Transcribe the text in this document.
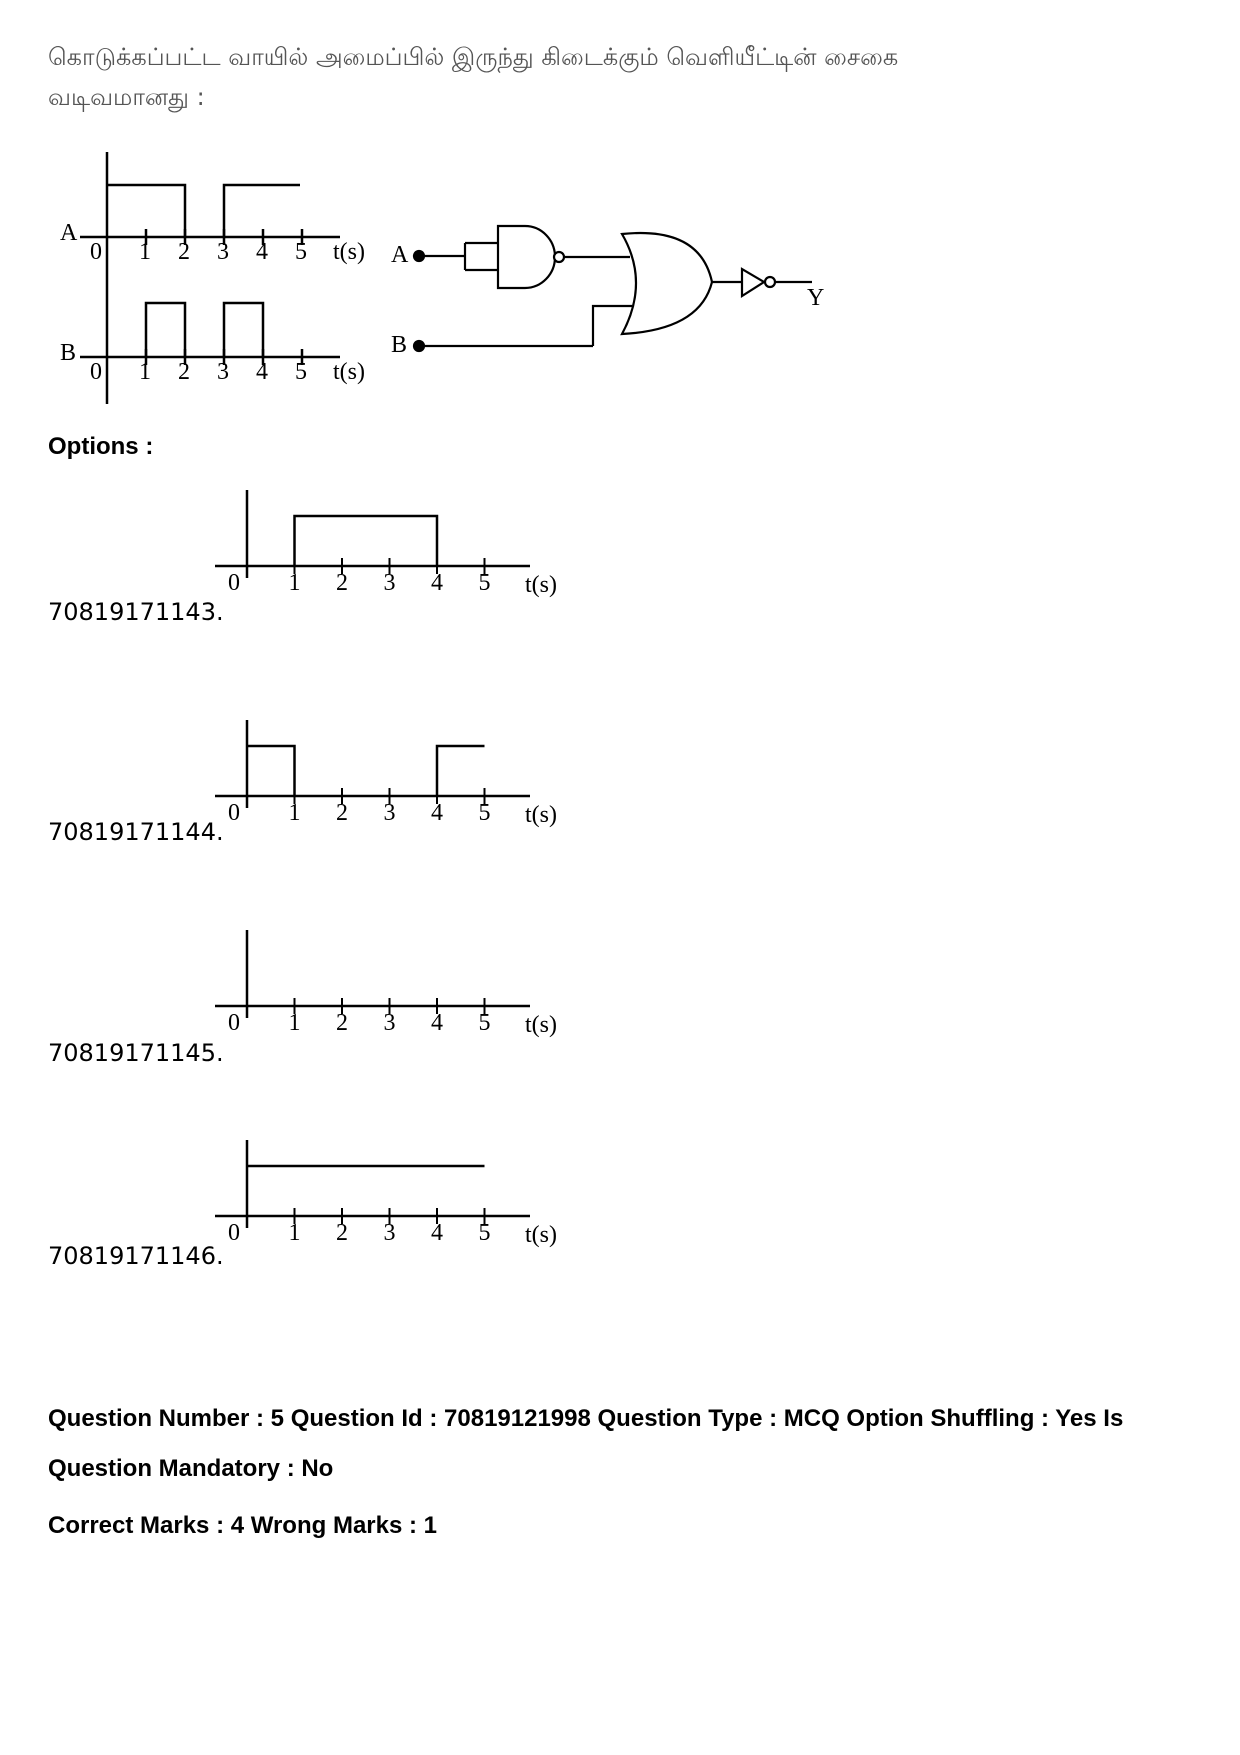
கொடுக்கப்பட்ட வாயில் அமைப்பில் இருந்து கிடைக்கும் வெளியீட்டின் சைகை
வடிவமானது :
A
B
0 1 2 3 4 5 t(s)
0 1 2 3 4 5 t(s)
A
B
Y
Options :
0 1 2 3 4 5 t(s)
70819171143.
0 1 2 3 4 5 t(s)
70819171144.
0 1 2 3 4 5 t(s)
70819171145.
0 1 2 3 4 5 t(s)
70819171146.
Question Number : 5 Question Id : 70819121998 Question Type : MCQ Option Shuffling : Yes Is
Question Mandatory : No
Correct Marks : 4 Wrong Marks : 1
